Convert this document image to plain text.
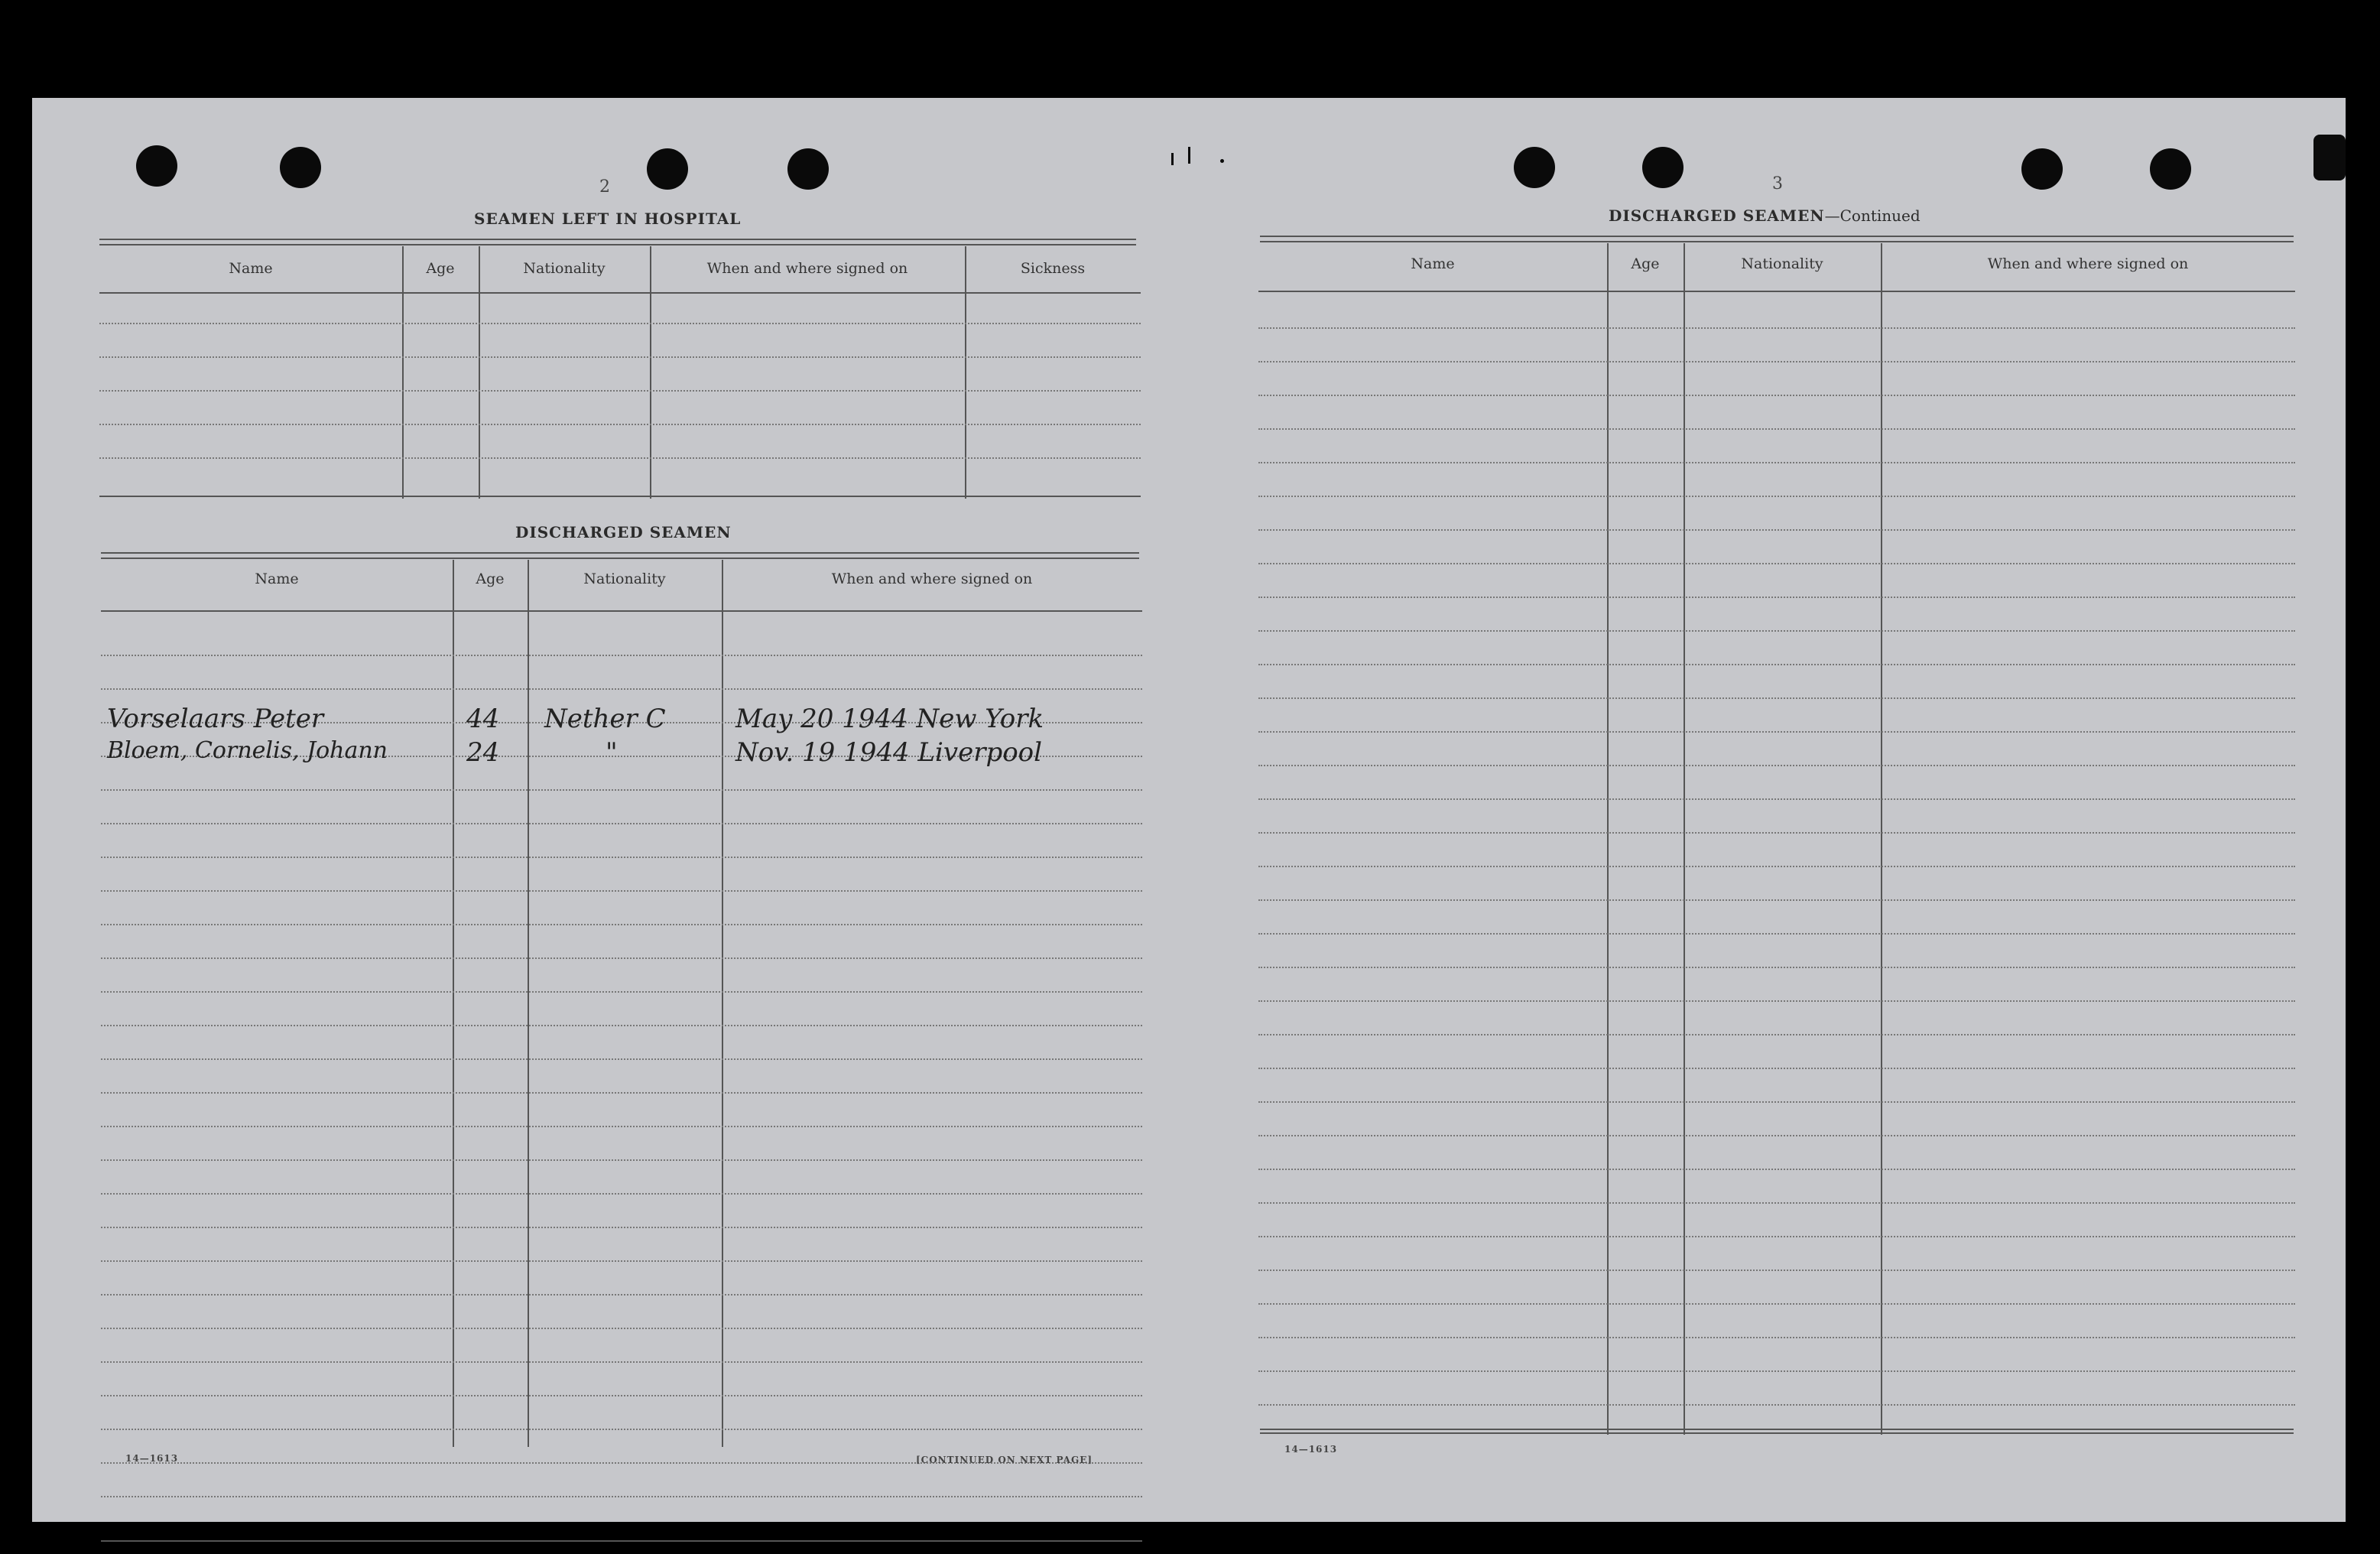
2
SEAMEN LEFT IN HOSPITAL
Name	Age	Nationality	When and where signed on	Sickness
DISCHARGED SEAMEN
Name	Age	Nationality	When and where signed on
Vorselaars Peter	44 Nether C	May 20 1944 New York
Bloem, Cornelis, Johann	24	"	Nov. 19 1944 Liverpool
14—1613	[CONTINUED ON NEXT PAGE]
3
DISCHARGED SEAMEN—Continued
Name	Age	Nationality	When and where signed on
14—1613
